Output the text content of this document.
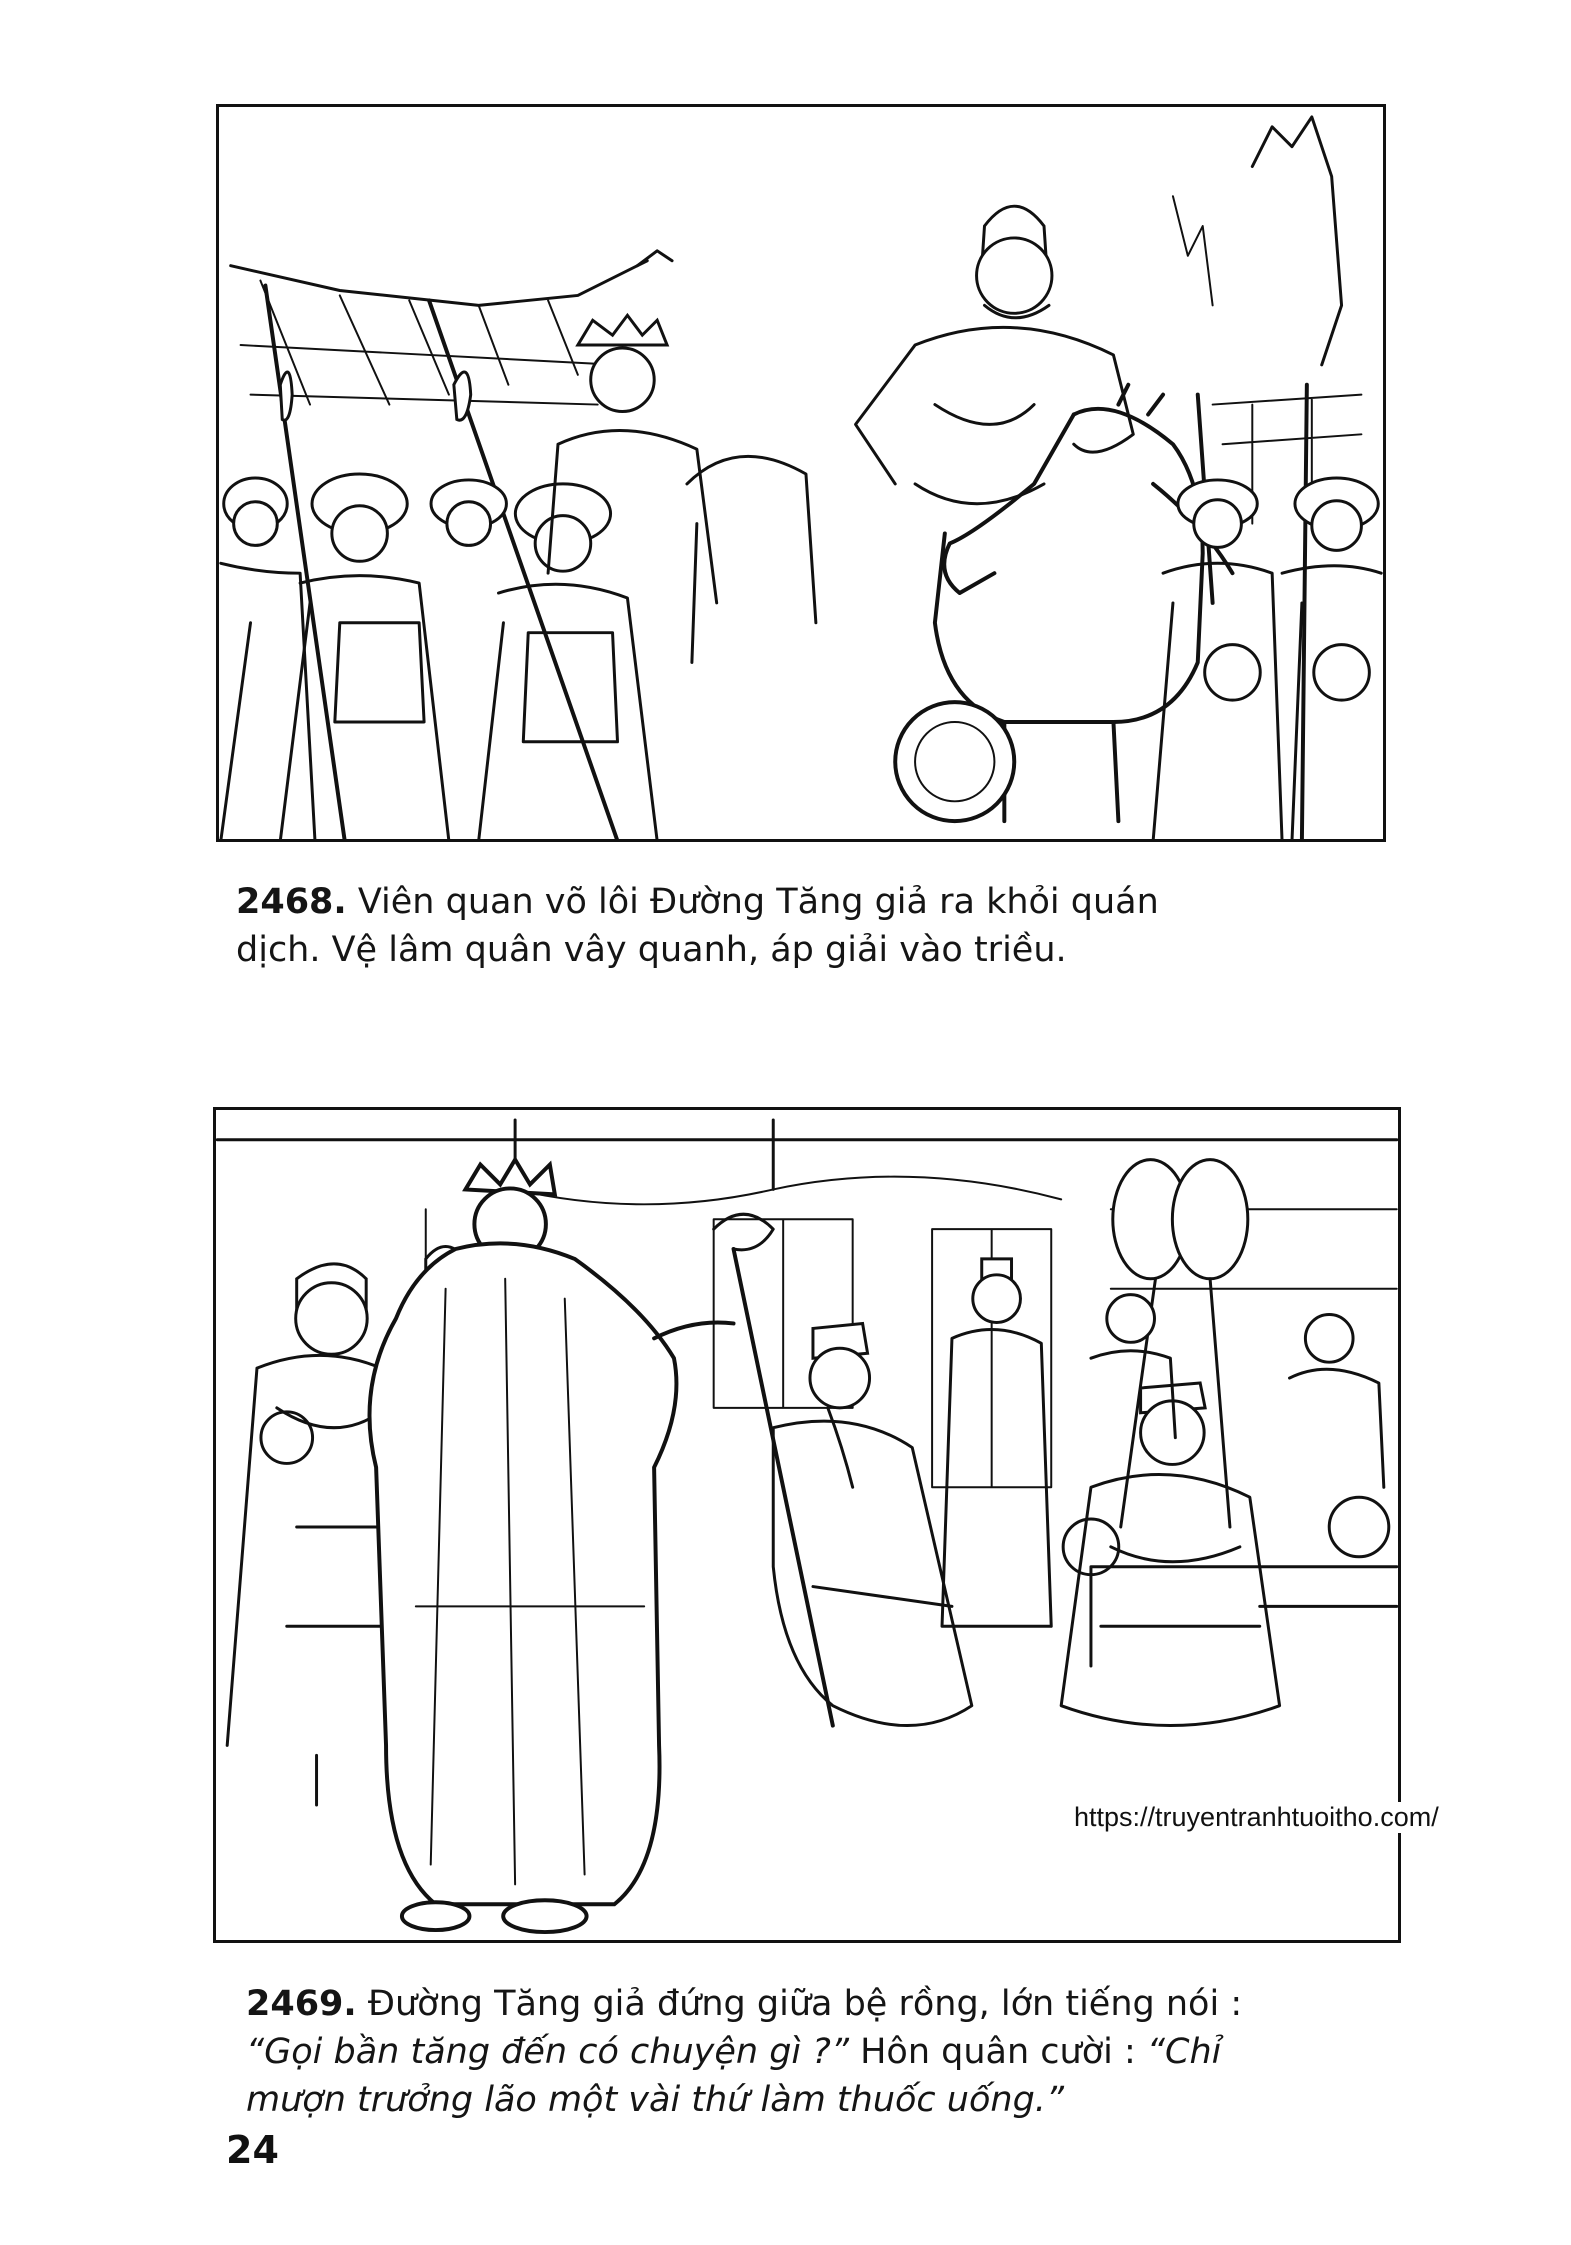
2468. Viên quan võ lôi Đường Tăng giả ra khỏi quán
dịch. Vệ lâm quân vây quanh, áp giải vào triều.
https://truyentranhtuoitho.com/
2469. Đường Tăng giả đứng giữa bệ rồng, lớn tiếng nói :
“Gọi bần tăng đến có chuyện gì ?” Hôn quân cười : “Chỉ
mượn trưởng lão một vài thứ làm thuốc uống.”
24
